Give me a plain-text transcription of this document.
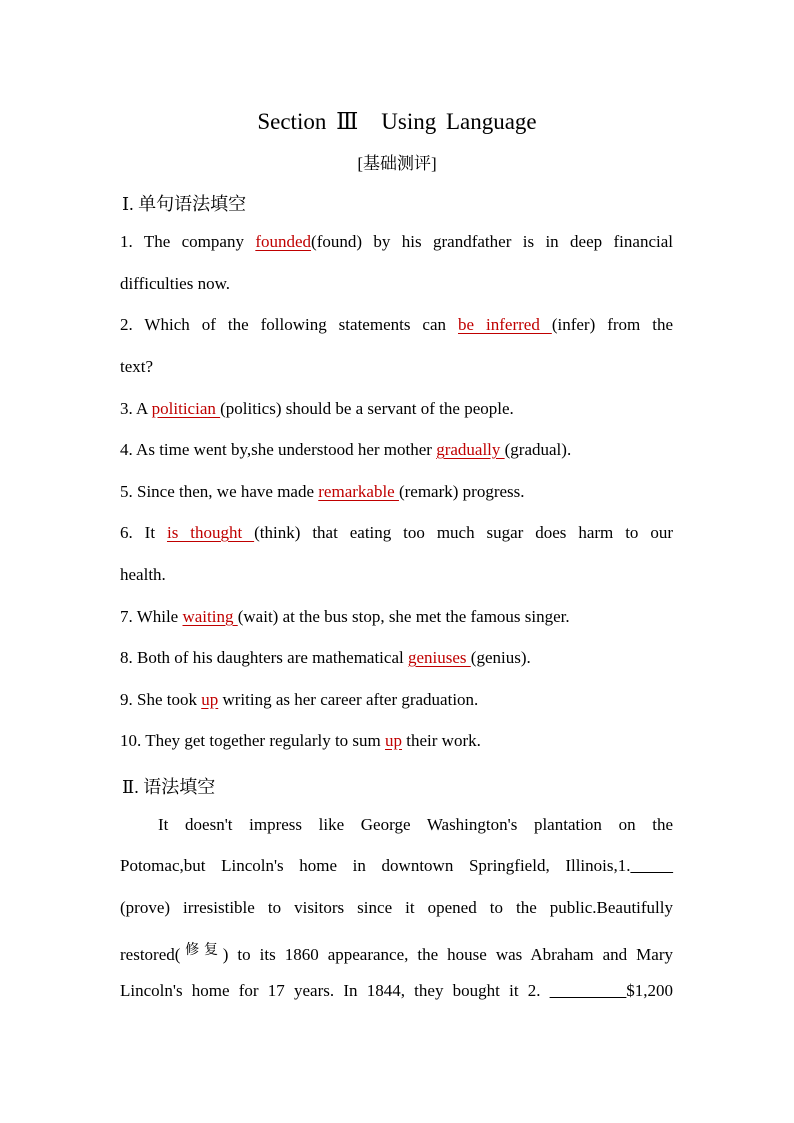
Section Ⅲ　Using Language
[基础测评]
Ⅰ. 单句语法填空
1. The company founded(found) by his grandfather is in deep financial
difficulties now.
2. Which of the following statements can be inferred (infer) from the
text?
3. A politician (politics) should be a servant of the people.
4. As time went by,she understood her mother gradually (gradual).
5. Since then, we have made remarkable (remark) progress.
6. It is thought (think) that eating too much sugar does harm to our
health.
7. While waiting (wait) at the bus stop, she met the famous singer.
8. Both of his daughters are mathematical geniuses (genius).
9. She took up writing as her career after graduation.
10. They get together regularly to sum up their work.
Ⅱ. 语法填空
It doesn't impress like George Washington's plantation on the
Potomac,but Lincoln's home in downtown Springfield, Illinois,1._____
(prove) irresistible to visitors since it opened to the public.Beautifully
restored($^{修复}$) to its 1860 appearance, the house was Abraham and Mary
Lincoln's home for 17 years. In 1844, they bought it 2. _________$1,200
